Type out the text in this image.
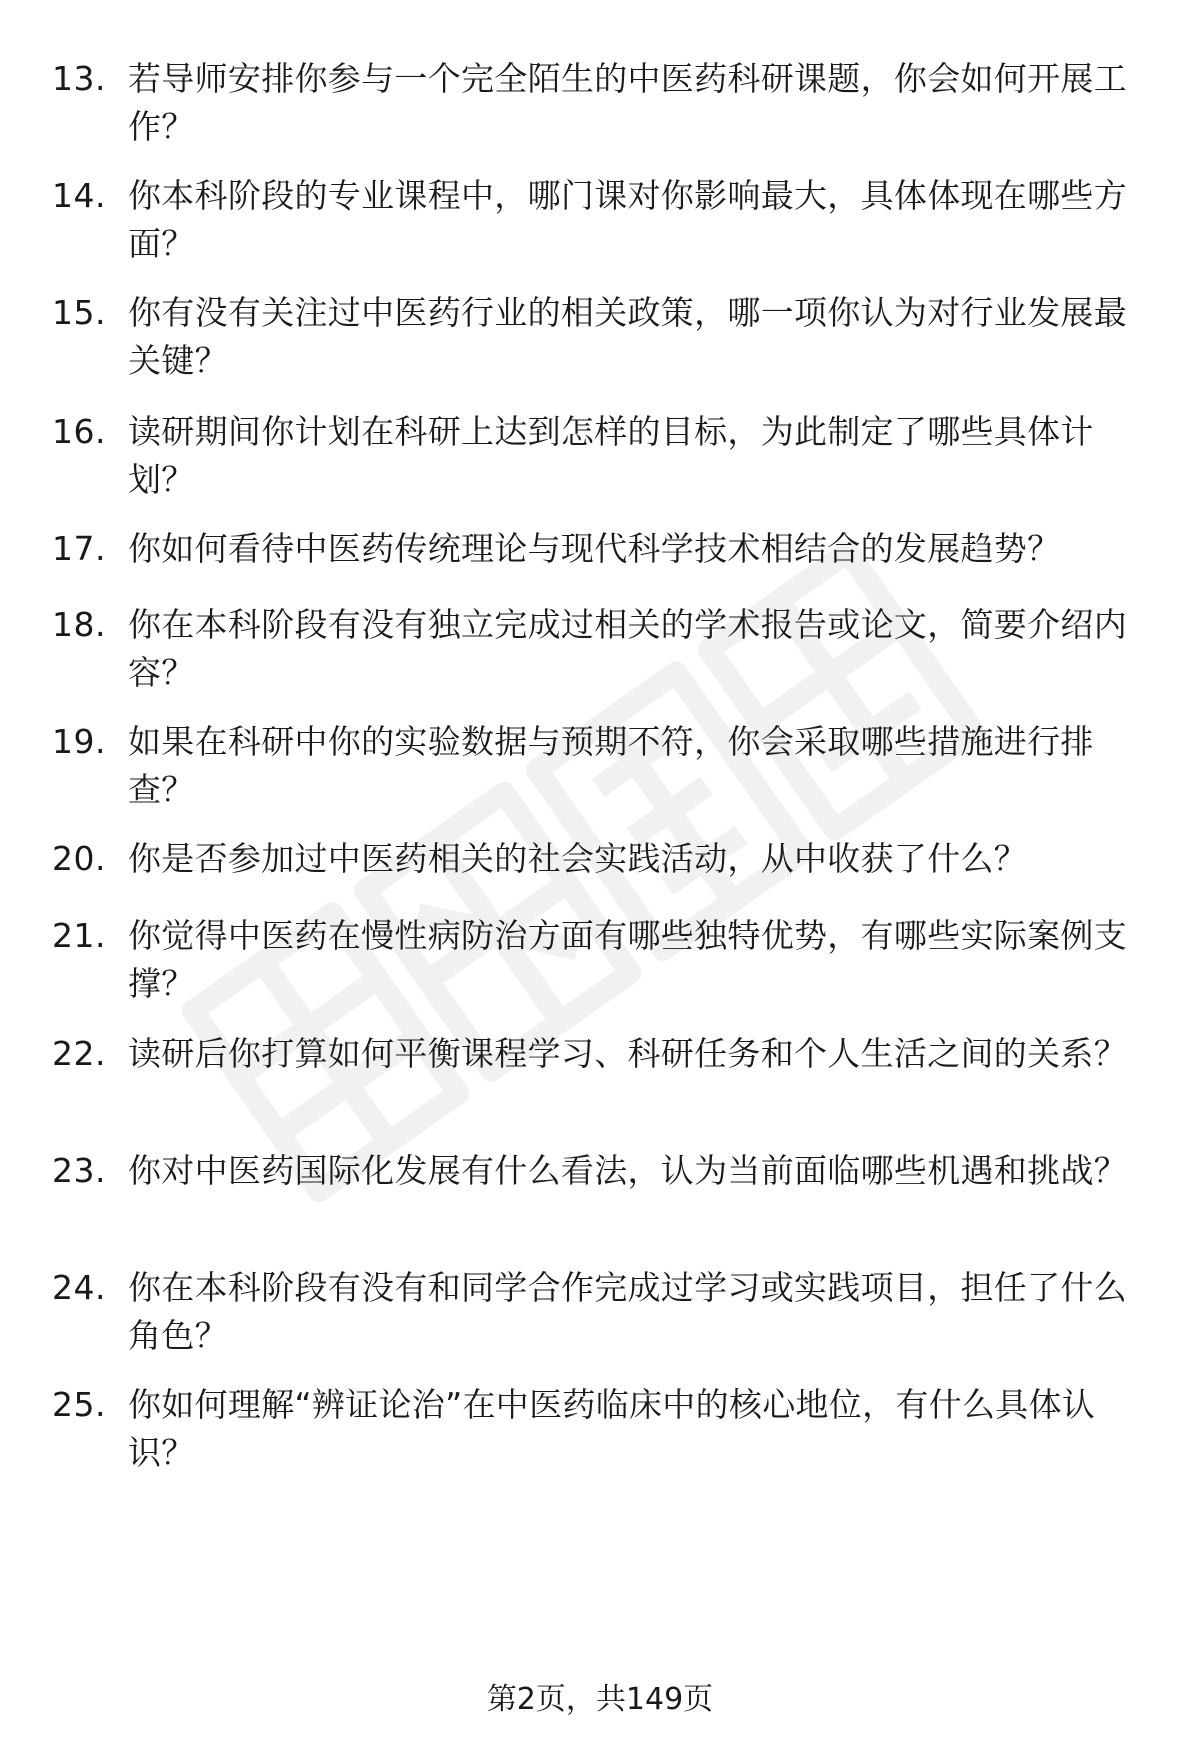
13. 若导师安排你参与一个完全陌生的中医药科研课题，你会如何开展工作？
14. 你本科阶段的专业课程中，哪门课对你影响最大，具体体现在哪些方面？
15. 你有没有关注过中医药行业的相关政策，哪一项你认为对行业发展最关键？
16. 读研期间你计划在科研上达到怎样的目标，为此制定了哪些具体计划？
17. 你如何看待中医药传统理论与现代科学技术相结合的发展趋势？
18. 你在本科阶段有没有独立完成过相关的学术报告或论文，简要介绍内容？
19. 如果在科研中你的实验数据与预期不符，你会采取哪些措施进行排查？
20. 你是否参加过中医药相关的社会实践活动，从中收获了什么？
21. 你觉得中医药在慢性病防治方面有哪些独特优势，有哪些实际案例支撑？
22. 读研后你打算如何平衡课程学习、科研任务和个人生活之间的关系？
23. 你对中医药国际化发展有什么看法，认为当前面临哪些机遇和挑战？
24. 你在本科阶段有没有和同学合作完成过学习或实践项目，担任了什么角色？
25. 你如何理解“辨证论治”在中医药临床中的核心地位，有什么具体认识？
第2页，共149页
